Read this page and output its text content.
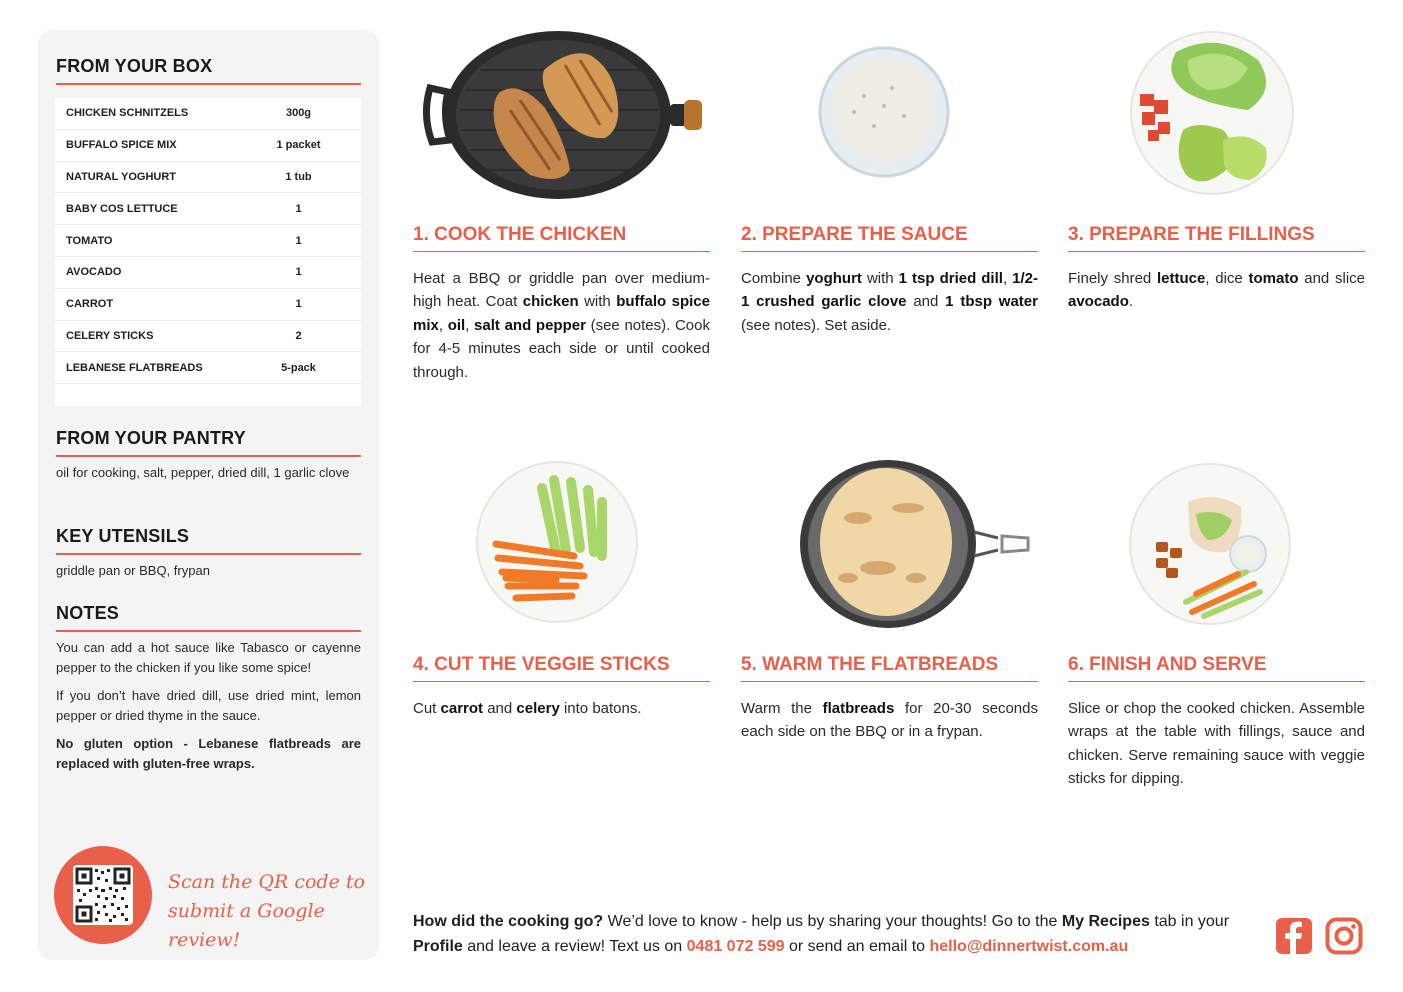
FROM YOUR BOX
CHICKEN SCHNITZELS	300g
BUFFALO SPICE MIX	1 packet
NATURAL YOGHURT	1 tub
BABY COS LETTUCE	1
TOMATO	1
AVOCADO	1
CARROT	1
CELERY STICKS	2
LEBANESE FLATBREADS	5-pack
FROM YOUR PANTRY
oil for cooking, salt, pepper, dried dill, 1 garlic clove
KEY UTENSILS
griddle pan or BBQ, frypan
NOTES
You can add a hot sauce like Tabasco or cayenne pepper to the chicken if you like some spice!
If you don’t have dried dill, use dried mint, lemon pepper or dried thyme in the sauce.
No gluten option - Lebanese flatbreads are replaced with gluten-free wraps.
Scan the QR code to
submit a Google review!
1. COOK THE CHICKEN
Heat a BBQ or griddle pan over medium-high heat. Coat chicken with buffalo spice mix, oil, salt and pepper (see notes). Cook for 4-5 minutes each side or until cooked through.
2. PREPARE THE SAUCE
Combine yoghurt with 1 tsp dried dill, 1/2-1 crushed garlic clove and 1 tbsp water (see notes). Set aside.
3. PREPARE THE FILLINGS
Finely shred lettuce, dice tomato and slice avocado.
4. CUT THE VEGGIE STICKS
Cut carrot and celery into batons.
5. WARM THE FLATBREADS
Warm the flatbreads for 20-30 seconds each side on the BBQ or in a frypan.
6. FINISH AND SERVE
Slice or chop the cooked chicken. Assemble wraps at the table with fillings, sauce and chicken. Serve remaining sauce with veggie sticks for dipping.
How did the cooking go? We’d love to know - help us by sharing your thoughts! Go to the My Recipes tab in your Profile and leave a review! Text us on 0481 072 599 or send an email to hello@dinnertwist.com.au
